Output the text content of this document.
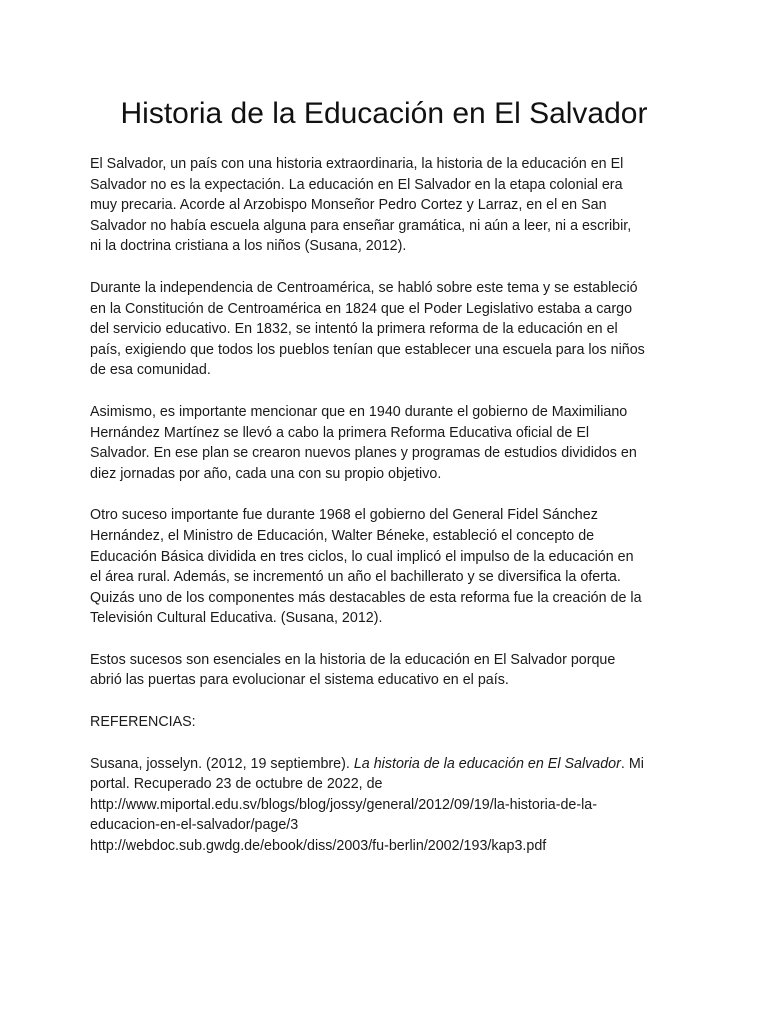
Historia de la Educación en El Salvador

El Salvador, un país con una historia extraordinaria, la historia de la educación en El
Salvador no es la expectación. La educación en El Salvador en la etapa colonial era
muy precaria. Acorde al Arzobispo Monseñor Pedro Cortez y Larraz, en el en San
Salvador no había escuela alguna para enseñar gramática, ni aún a leer, ni a escribir,
ni la doctrina cristiana a los niños (Susana, 2012).

Durante la independencia de Centroamérica, se habló sobre este tema y se estableció
en la Constitución de Centroamérica en 1824 que el Poder Legislativo estaba a cargo
del servicio educativo. En 1832, se intentó la primera reforma de la educación en el
país, exigiendo que todos los pueblos tenían que establecer una escuela para los niños
de esa comunidad.

Asimismo, es importante mencionar que en 1940 durante el gobierno de Maximiliano
Hernández Martínez se llevó a cabo la primera Reforma Educativa oficial de El
Salvador. En ese plan se crearon nuevos planes y programas de estudios divididos en
diez jornadas por año, cada una con su propio objetivo.

Otro suceso importante fue durante 1968 el gobierno del General Fidel Sánchez
Hernández, el Ministro de Educación, Walter Béneke, estableció el concepto de
Educación Básica dividida en tres ciclos, lo cual implicó el impulso de la educación en
el área rural. Además, se incrementó un año el bachillerato y se diversifica la oferta.
Quizás uno de los componentes más destacables de esta reforma fue la creación de la
Televisión Cultural Educativa. (Susana, 2012).

Estos sucesos son esenciales en la historia de la educación en El Salvador porque
abrió las puertas para evolucionar el sistema educativo en el país.

REFERENCIAS:

Susana, josselyn. (2012, 19 septiembre). La historia de la educación en El Salvador. Mi
portal. Recuperado 23 de octubre de 2022, de
http://www.miportal.edu.sv/blogs/blog/jossy/general/2012/09/19/la-historia-de-la-
educacion-en-el-salvador/page/3
http://webdoc.sub.gwdg.de/ebook/diss/2003/fu-berlin/2002/193/kap3.pdf
